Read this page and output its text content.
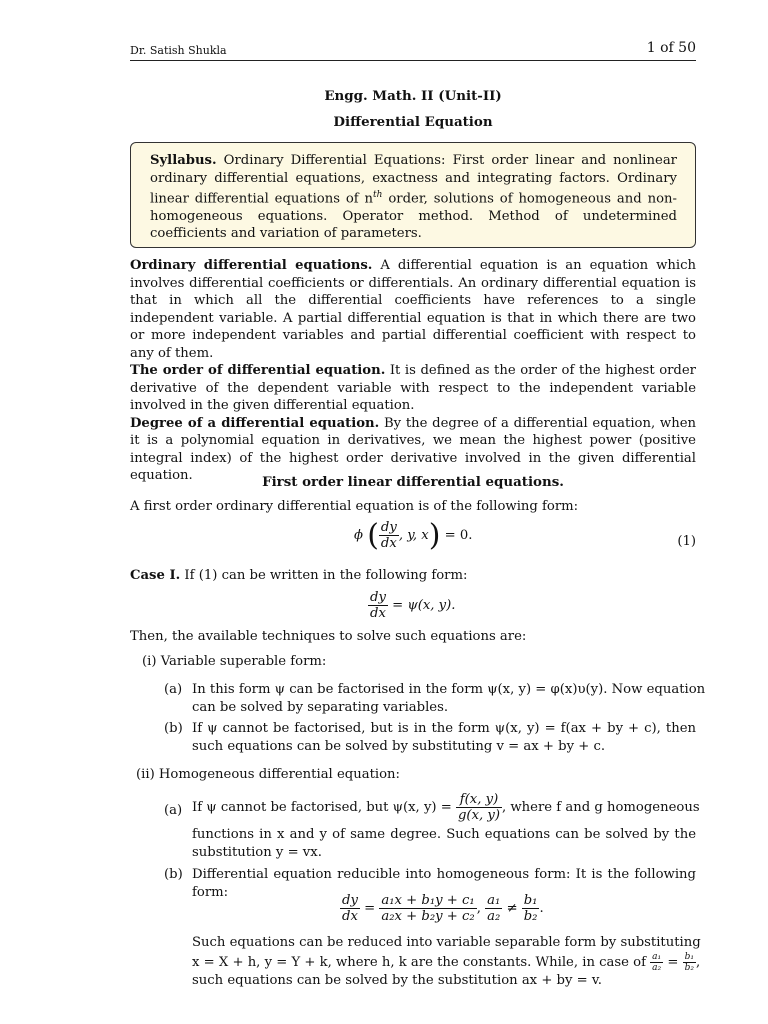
Dr. Satish Shukla	1 of 50
Engg. Math. II (Unit-II)
Differential Equation
Syllabus. Ordinary Differential Equations: First order linear and nonlinear ordinary differential equations, exactness and integrating factors. Ordinary linear differential equations of $n^{th}$ order, solutions of homogeneous and non-homogeneous equations. Operator method. Method of undetermined coefficients and variation of parameters.
Ordinary differential equations. A differential equation is an equation which involves differential coefficients or differentials. An ordinary differential equation is that in which all the differential coefficients have references to a single independent variable. A partial differential equation is that in which there are two or more independent variables and partial differential coefficient with respect to any of them.
The order of differential equation. It is defined as the order of the highest order derivative of the dependent variable with respect to the independent variable involved in the given differential equation.
Degree of a differential equation. By the degree of a differential equation, when it is a polynomial equation in derivatives, we mean the highest power (positive integral index) of the highest order derivative involved in the given differential equation.	First order linear differential equations.
A first order ordinary differential equation is of the following form:
ϕ ( $\frac{dy}{dx}$ , y, x) = 0.	(1)
Case I. If (1) can be written in the following form:
$\frac{dy}{dx} = \psi(x$, y).
Then, the available techniques to solve such equations are:
(i) Variable superable form:
(a) In this form ψ can be factorised in the form ψ(x, y) = φ(x)υ(y). Now equation
can be solved by separating variables.
(b) If ψ cannot be factorised, but is in the form ψ(x, y) = f(ax + by + c), then
such equations can be solved by substituting v = ax + by + c.
(ii) Homogeneous differential equation:
(a) If ψ cannot be factorised, but ψ(x, $y) = \frac{f(x, y)}{g(x, y)}$ , where f and g homogeneous
functions in x and y of same degree. Such equations can be solved by the
substitution y = vx.
(b) Differential equation reducible into homogeneous form: It is the following
form:
$\frac{dy}{dx} = \frac{\text{a₁x + b₁y + c₁}}{\text{a₂x + b₂y + c₂}}$ , $\frac{\text{a₁}}{\text{a₂}} \ne \frac{\text{b₁}}{\text{b₂}}$ .
Such equations can be reduced into variable separable form by substituting
x = X + h, y = Y + k, where h, k are the constants. While, in case of $\frac{\text{a₁}}{\text{a₂}} = \frac{\text{b₁}}{\text{b₂}}$ ,
such equations can be solved by the substitution ax + by = v.
